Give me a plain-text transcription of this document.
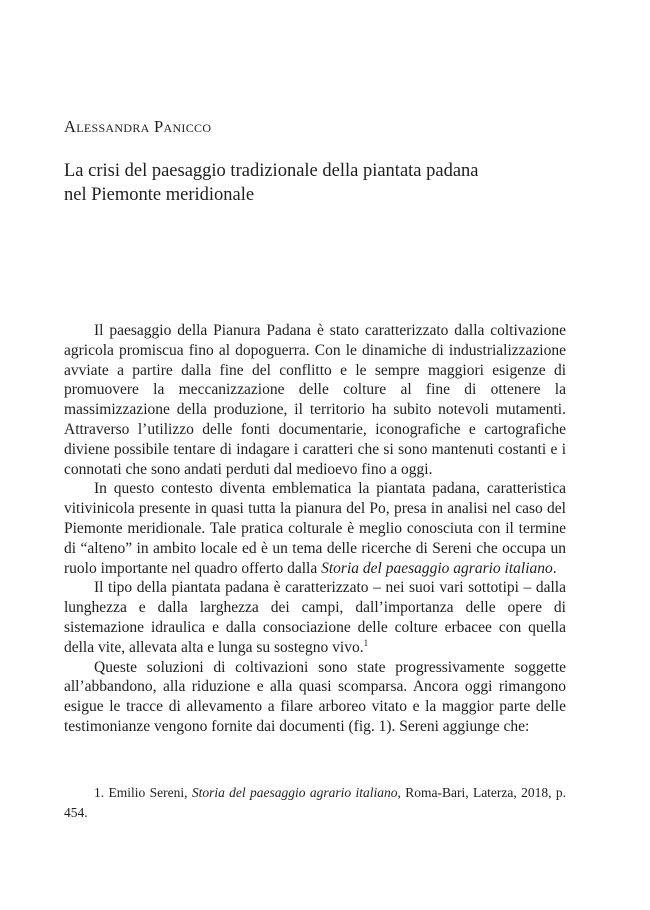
Alessandra Panicco
La crisi del paesaggio tradizionale della piantata padana
nel Piemonte meridionale

Il paesaggio della Pianura Padana è stato caratterizzato dalla coltivazione agricola promiscua fino al dopoguerra. Con le dinamiche di industrializzazione avviate a partire dalla fine del conflitto e le sempre maggiori esigenze di promuovere la meccanizzazione delle colture al fine di ottenere la massimizzazione della produzione, il territorio ha subito notevoli mutamenti. Attraverso l’utilizzo delle fonti documentarie, iconografiche e cartografiche diviene possibile tentare di indagare i caratteri che si sono mantenuti costanti e i connotati che sono andati perduti dal medioevo fino a oggi.

In questo contesto diventa emblematica la piantata padana, caratteristica vitivinicola presente in quasi tutta la pianura del Po, presa in analisi nel caso del Piemonte meridionale. Tale pratica colturale è meglio conosciuta con il termine di “alteno” in ambito locale ed è un tema delle ricerche di Sereni che occupa un ruolo importante nel quadro offerto dalla Storia del paesaggio agrario italiano.

Il tipo della piantata padana è caratterizzato – nei suoi vari sottotipi – dalla lunghezza e dalla larghezza dei campi, dall’importanza delle opere di sistemazione idraulica e dalla consociazione delle colture erbacee con quella della vite, allevata alta e lunga su sostegno vivo.$^1$

Queste soluzioni di coltivazioni sono state progressivamente soggette all’abbandono, alla riduzione e alla quasi scomparsa. Ancora oggi rimangono esigue le tracce di allevamento a filare arboreo vitato e la maggior parte delle testimonianze vengono fornite dai documenti (fig. 1). Sereni aggiunge che:

1. Emilio Sereni, Storia del paesaggio agrario italiano, Roma-Bari, Laterza, 2018, p. 454.
